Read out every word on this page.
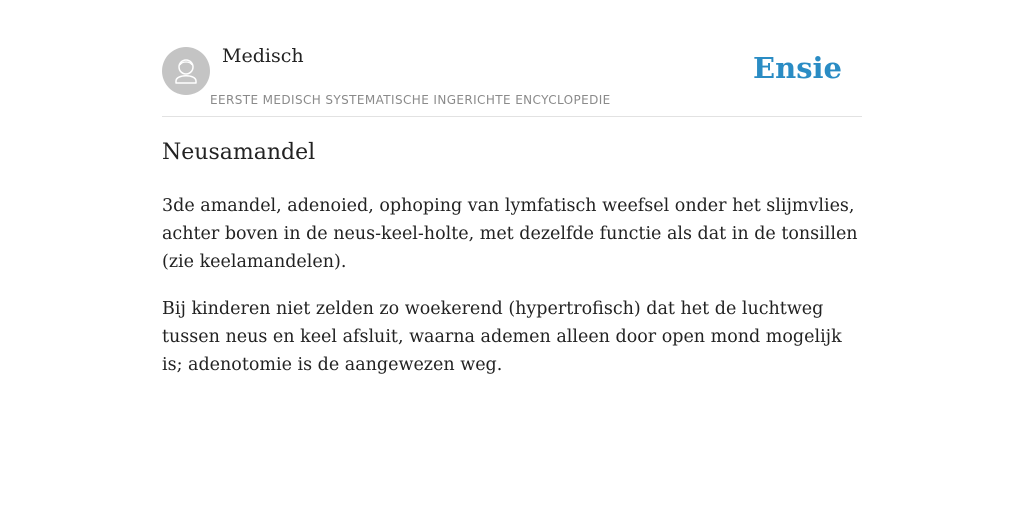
Medisch
EERSTE MEDISCH SYSTEMATISCHE INGERICHTE ENCYCLOPEDIE
Ensie
Neusamandel

3de amandel, adenoied, ophoping van lymfatisch weefsel onder het slijmvlies, achter boven in de neus-keel-holte, met dezelfde functie als dat in de tonsillen (zie keelamandelen).

Bij kinderen niet zelden zo woekerend (hypertrofisch) dat het de luchtweg tussen neus en keel afsluit, waarna ademen alleen door open mond mogelijk is; adenotomie is de aangewezen weg.
